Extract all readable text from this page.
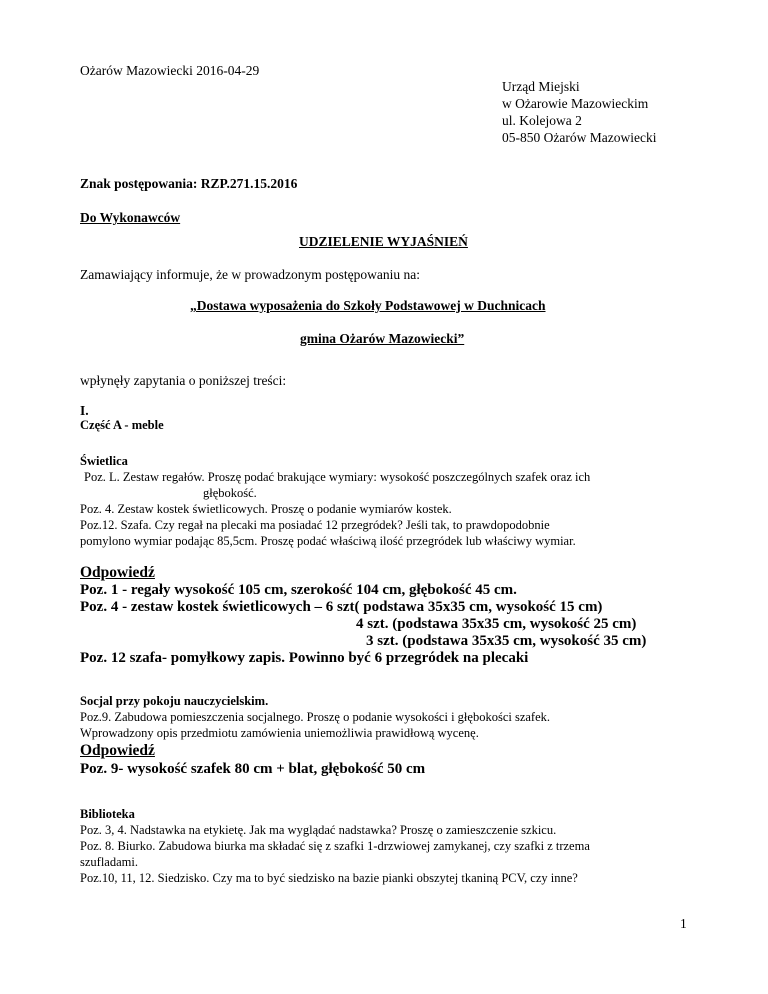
Ożarów Mazowiecki 2016-04-29
Urząd Miejski
w Ożarowie Mazowieckim
ul. Kolejowa 2
05-850 Ożarów Mazowiecki
Znak postępowania: RZP.271.15.2016
Do Wykonawców
UDZIELENIE WYJAŚNIEŃ
Zamawiający informuje, że w prowadzonym postępowaniu na:
„Dostawa wyposażenia do Szkoły Podstawowej w Duchnicach
gmina Ożarów Mazowiecki”
wpłynęły zapytania o poniższej treści:
I.
Część A - meble
Świetlica
Poz. L. Zestaw regałów. Proszę podać brakujące wymiary: wysokość poszczególnych szafek oraz ich
głębokość.
Poz. 4. Zestaw kostek świetlicowych. Proszę o podanie wymiarów kostek.
Poz.12. Szafa. Czy regał na plecaki ma posiadać 12 przegródek? Jeśli tak, to prawdopodobnie
pomylono wymiar podając 85,5cm. Proszę podać właściwą ilość przegródek lub właściwy wymiar.
Odpowiedź
Poz. 1 - regały wysokość 105 cm, szerokość 104 cm, głębokość 45 cm.
Poz. 4 - zestaw kostek świetlicowych – 6 szt( podstawa 35x35 cm, wysokość 15 cm)
4 szt. (podstawa 35x35 cm, wysokość 25 cm)
3 szt. (podstawa 35x35 cm, wysokość 35 cm)
Poz. 12 szafa- pomyłkowy zapis. Powinno być 6 przegródek na plecaki
Socjal przy pokoju nauczycielskim.
Poz.9. Zabudowa pomieszczenia socjalnego. Proszę o podanie wysokości i głębokości szafek.
Wprowadzony opis przedmiotu zamówienia uniemożliwia prawidłową wycenę.
Odpowiedź
Poz. 9- wysokość szafek 80 cm + blat, głębokość 50 cm
Biblioteka
Poz. 3, 4. Nadstawka na etykietę. Jak ma wyglądać nadstawka? Proszę o zamieszczenie szkicu.
Poz. 8. Biurko. Zabudowa biurka ma składać się z szafki 1-drzwiowej zamykanej, czy szafki z trzema
szufladami.
Poz.10, 11, 12. Siedzisko. Czy ma to być siedzisko na bazie pianki obszytej tkaniną PCV, czy inne?
1
